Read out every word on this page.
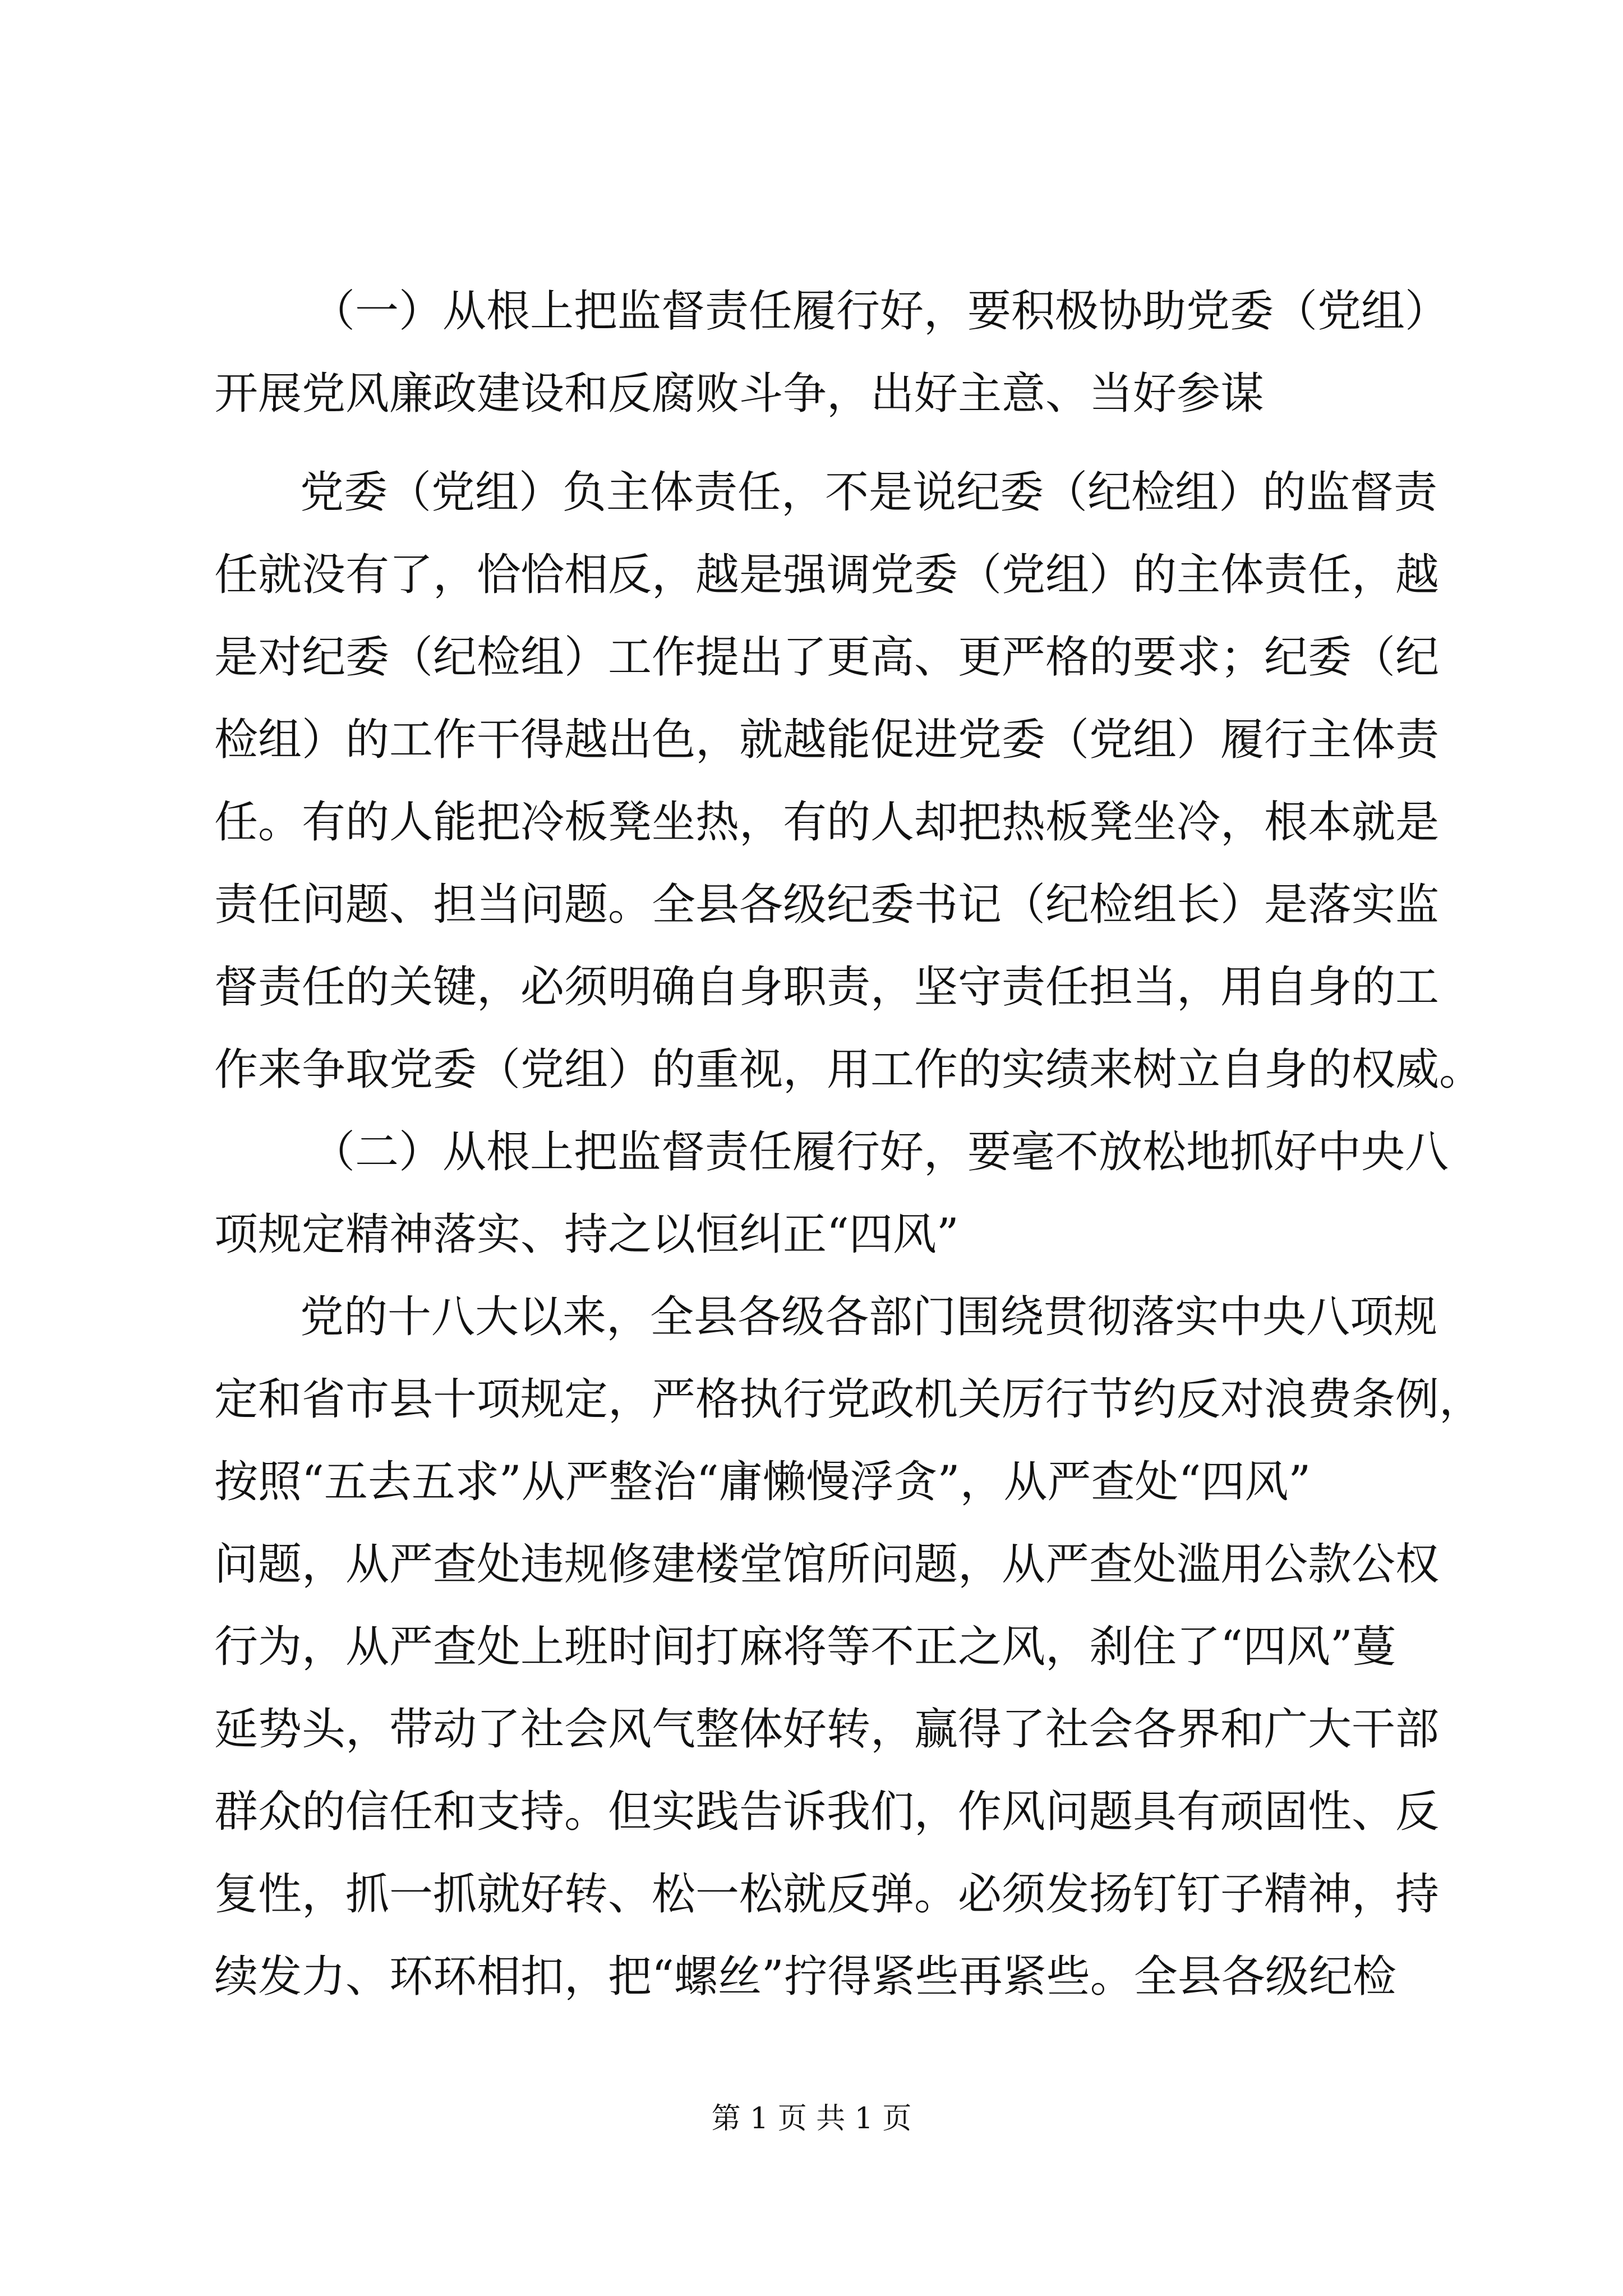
（一）从根上把监督责任履行好，要积极协助党委（党组）
开展党风廉政建设和反腐败斗争，出好主意、当好参谋
党委（党组）负主体责任，不是说纪委（纪检组）的监督责
任就没有了，恰恰相反，越是强调党委（党组）的主体责任，越
是对纪委（纪检组）工作提出了更高、更严格的要求；纪委（纪
检组）的工作干得越出色，就越能促进党委（党组）履行主体责
任。有的人能把冷板凳坐热，有的人却把热板凳坐冷，根本就是
责任问题、担当问题。全县各级纪委书记（纪检组长）是落实监
督责任的关键，必须明确自身职责，坚守责任担当，用自身的工
作来争取党委（党组）的重视，用工作的实绩来树立自身的权威。
（二）从根上把监督责任履行好，要毫不放松地抓好中央八
项规定精神落实、持之以恒纠正“四风”
党的十八大以来，全县各级各部门围绕贯彻落实中央八项规
定和省市县十项规定，严格执行党政机关厉行节约反对浪费条例，
按照“五去五求”从严整治“庸懒慢浮贪”，从严查处“四风”
问题，从严查处违规修建楼堂馆所问题，从严查处滥用公款公权
行为，从严查处上班时间打麻将等不正之风，刹住了“四风”蔓
延势头，带动了社会风气整体好转，赢得了社会各界和广大干部
群众的信任和支持。但实践告诉我们，作风问题具有顽固性、反
复性，抓一抓就好转、松一松就反弹。必须发扬钉钉子精神，持
续发力、环环相扣，把“螺丝”拧得紧些再紧些。全县各级纪检
第 1 页 共 1 页
